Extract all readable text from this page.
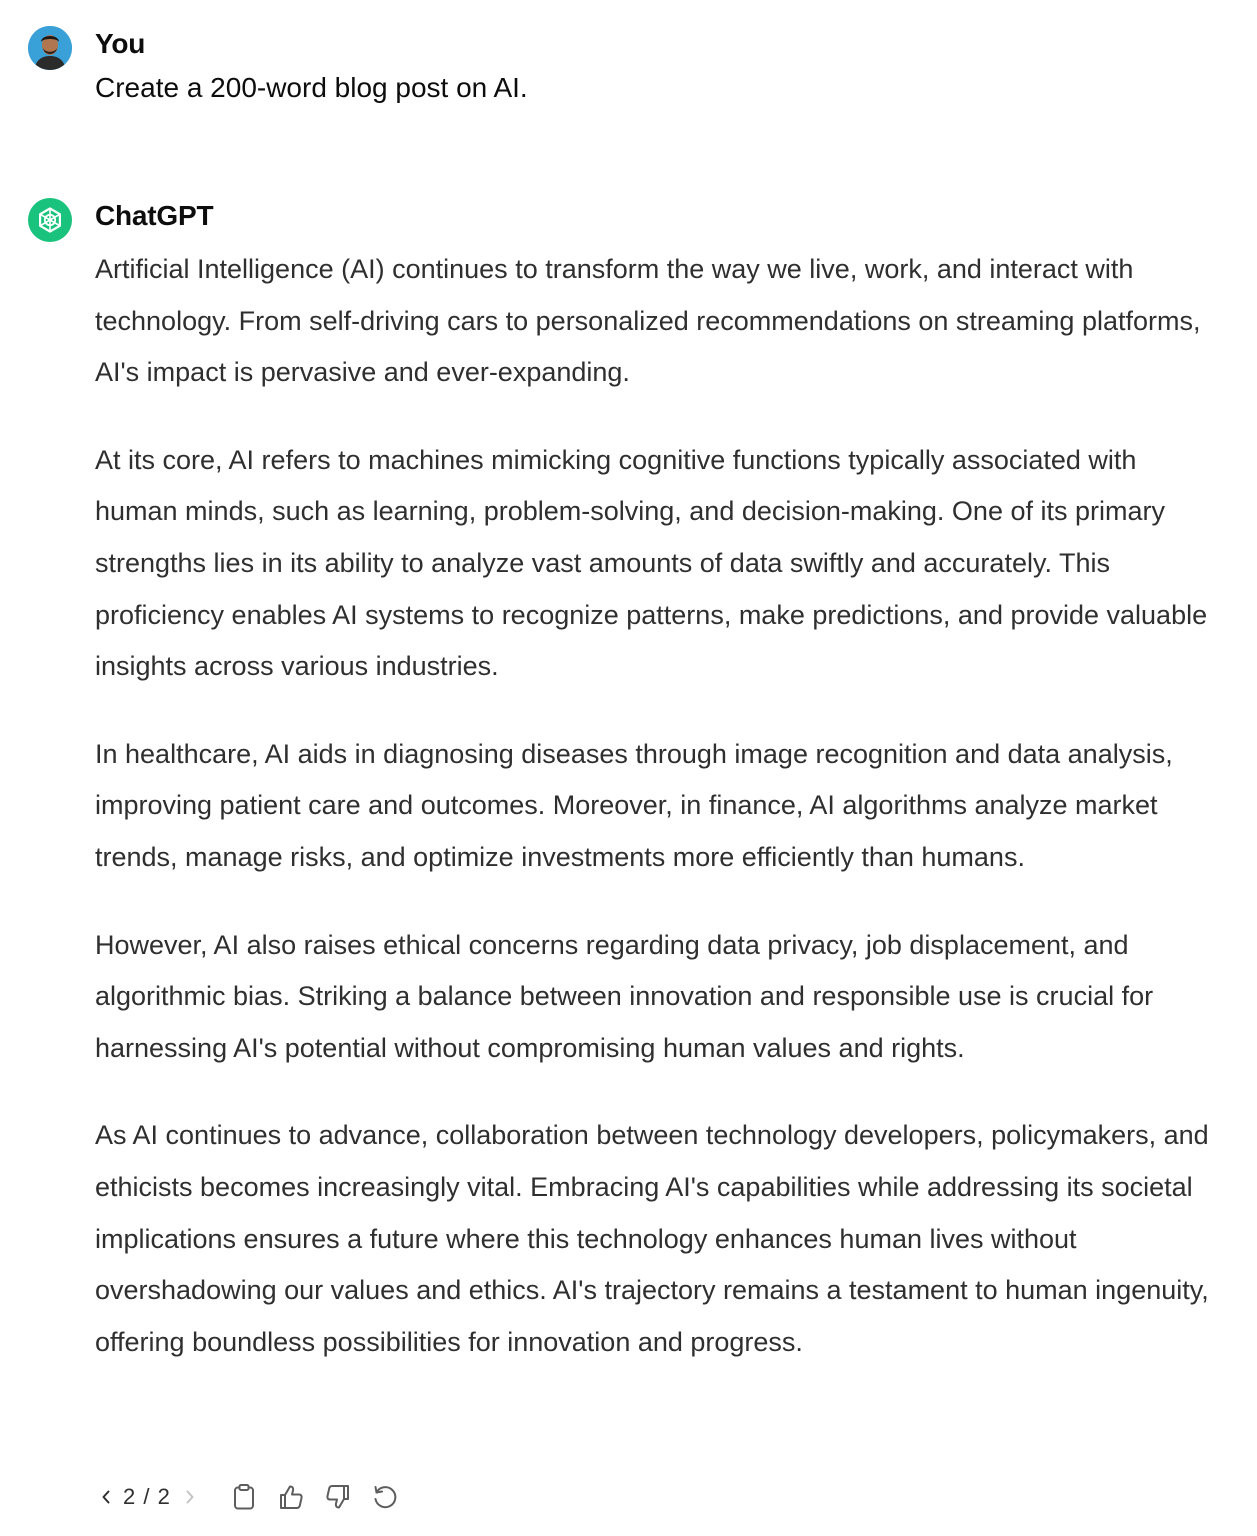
You
Create a 200-word blog post on AI.
ChatGPT

Artificial Intelligence (AI) continues to transform the way we live, work, and interact with technology. From self-driving cars to personalized recommendations on streaming platforms, AI's impact is pervasive and ever-expanding.

At its core, AI refers to machines mimicking cognitive functions typically associated with human minds, such as learning, problem-solving, and decision-making. One of its primary strengths lies in its ability to analyze vast amounts of data swiftly and accurately. This proficiency enables AI systems to recognize patterns, make predictions, and provide valuable insights across various industries.

In healthcare, AI aids in diagnosing diseases through image recognition and data analysis, improving patient care and outcomes. Moreover, in finance, AI algorithms analyze market trends, manage risks, and optimize investments more efficiently than humans.

However, AI also raises ethical concerns regarding data privacy, job displacement, and algorithmic bias. Striking a balance between innovation and responsible use is crucial for harnessing AI's potential without compromising human values and rights.

As AI continues to advance, collaboration between technology developers, policymakers, and ethicists becomes increasingly vital. Embracing AI's capabilities while addressing its societal implications ensures a future where this technology enhances human lives without overshadowing our values and ethics. AI's trajectory remains a testament to human ingenuity, offering boundless possibilities for innovation and progress.

2 / 2
